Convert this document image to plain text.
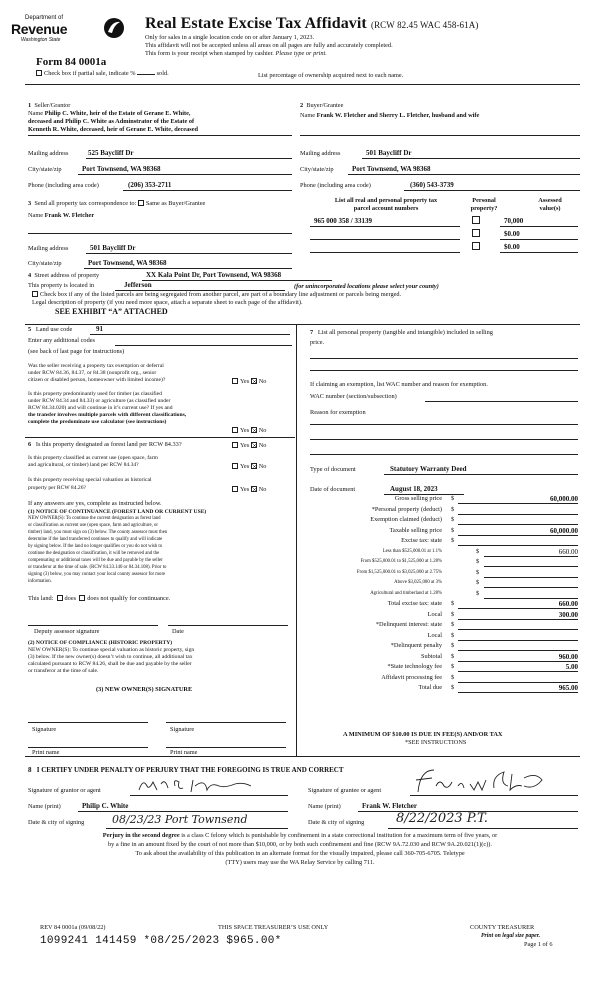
Department of
Revenue
Washington State
Real Estate Excise Tax Affidavit (RCW 82.45 WAC 458-61A)
Only for sales in a single location code on or after January 1, 2023.
This affidavit will not be accepted unless all areas on all pages are fully and accurately completed.
This form is your receipt when stamped by cashier. Please type or print.
Form 84 0001a
Check box if partial sale, indicate %	sold.	List percentage of ownership acquired next to each name.
1 Seller/Grantor
Name Philip C. White, heir of the Estate of Gerane E. White,
deceased and Philip C. White as Adminstrator of the Estate of
Kenneth R. White, deceased, heir of Gerane E. White, deceased
Mailing address	525 Baycliff Dr
City/state/zip	Port Townsend, WA 98368
Phone (including area code)	(206) 353-2711
2 Buyer/Grantee
Name Frank W. Fletcher and Sherry L. Fletcher, husband and wife
Mailing address	501 Baycliff Dr
City/state/zip	Port Townsend, WA 98368
Phone (including area code)	(360) 543-3739
3 Send all property tax correspondence to: Same as Buyer/Grantee
Name Frank W. Fletcher
Mailing address	501 Baycliff Dr
City/state/zip	Port Townsend, WA 98368
List all real and personal property tax
parcel account numbers
Personal
property?
Assessed
value(s)
965 000 358 / 33139	70,000
$0.00
$0.00
4 Street address of property	XX Kala Point Dr, Port Townsend, WA 98368
This property is located in	Jefferson	(for unincorporated locations please select your county)
Check box if any of the listed parcels are being segregated from another parcel, are part of a boundary line adjustment or parcels being merged.
Legal description of property (if you need more space, attach a separate sheet to each page of the affidavit).
SEE EXHIBIT “A” ATTACHED
5 Land use code	91
Enter any additional codes
(see back of last page for instructions)
Was the seller receiving a property tax exemption or deferral
under RCW 84.36, 84.37, or 84.38 (nonprofit org., senior
citizen or disabled person, homeowner with limited income)?	Yes No
Is this property predominantly used for timber (as classified
under RCW 84.34 and 84.33) or agriculture (as classified under
RCW 84.34.020) and will continue in it’s current use? If yes and
the transfer involves multiple parcels with different classifications,
complete the predominate use calculator (see instructions)
Yes No
6 Is this property designated as forest land per RCW 84.33?	Yes No
Is this property classified as current use (open space, farm
and agricultural, or timber) land per RCW 84.34?	Yes No
Is this property receiving special valuation as historical
property per RCW 84.26?	Yes No
If any answers are yes, complete as instructed below.
(1) NOTICE OF CONTINUANCE (FOREST LAND OR CURRENT USE)
NEW OWNER(S): To continue the current designation as forest land
or classification as current use (open space, farm and agriculture, or
timber) land, you must sign on (3) below. The county assessor must then
determine if the land transferred continues to qualify and will indicate
by signing below. If the land no longer qualifies or you do not wish to
continue the designation or classification, it will be removed and the
compensating or additional taxes will be due and payable by the seller
or transferor at the time of sale. (RCW 84.33.140 or 84.34.108). Prior to
signing (3) below, you may contact your local county assessor for more
information.
This land: does does not qualify for continuance.
Deputy assessor signature	Date
(2) NOTICE OF COMPLIANCE (HISTORIC PROPERTY)
NEW OWNER(S): To continue special valuation as historic property, sign
(3) below. If the new owner(s) doesn’t wish to continue, all additional tax
calculated pursuant to RCW 84.26, shall be due and payable by the seller
or transferor at the time of sale.
(3) NEW OWNER(S) SIGNATURE
Signature	Signature
Print name	Print name
7 List all personal property (tangible and intangible) included in selling
price.
If claiming an exemption, list WAC number and reason for exemption.
WAC number (section/subsection)
Reason for exemption
Type of document	Statutory Warranty Deed
Date of document	August 18, 2023
Gross selling price $	60,000.00
*Personal property (deduct) $
Exemption claimed (deduct) $
Taxable selling price $	60,000.00
Excise tax: state $
Less than $525,000.01 at 1.1%	$	660.00
From $525,000.01 to $1,525,000 at 1.28%	$
From $1,525,000.01 to $3,025,000 at 2.75%	$
Above $3,025,000 at 3%	$
Agricultural and timberland at 1.28%	$
Total excise tax: state $	660.00
Local $	300.00
*Delinquent interest: state $
Local $
*Delinquent penalty $
Subtotal $	960.00
*State technology fee $	5.00
Affidavit processing fee $
Total due $	965.00
A MINIMUM OF $10.00 IS DUE IN FEE(S) AND/OR TAX
*SEE INSTRUCTIONS
8 I CERTIFY UNDER PENALTY OF PERJURY THAT THE FOREGOING IS TRUE AND CORRECT
Signature of grantor or agent	Signature of grantee or agent
Name (print)	Philip C. White	Name (print)	Frank W. Fletcher
Date & city of signing	08/23/23 Port Townsend	Date & city of signing 8/22/2023 P.T.
Perjury in the second degree is a class C felony which is punishable by confinement in a state correctional institution for a maximum term of five years, or
by a fine in an amount fixed by the court of not more than $10,000, or by both such confinement and fine (RCW 9A.72.030 and RCW 9A.20.021(1)(c)).
To ask about the availability of this publication in an alternate format for the visually impaired, please call 360-705-6705. Teletype
(TTY) users may use the WA Relay Service by calling 711.
REV 84 0001a (09/08/22)	THIS SPACE TREASURER’S USE ONLY	COUNTY TREASURER
Print on legal size paper.
Page 1 of 6
1099241 141459 *08/25/2023 $965.00*
